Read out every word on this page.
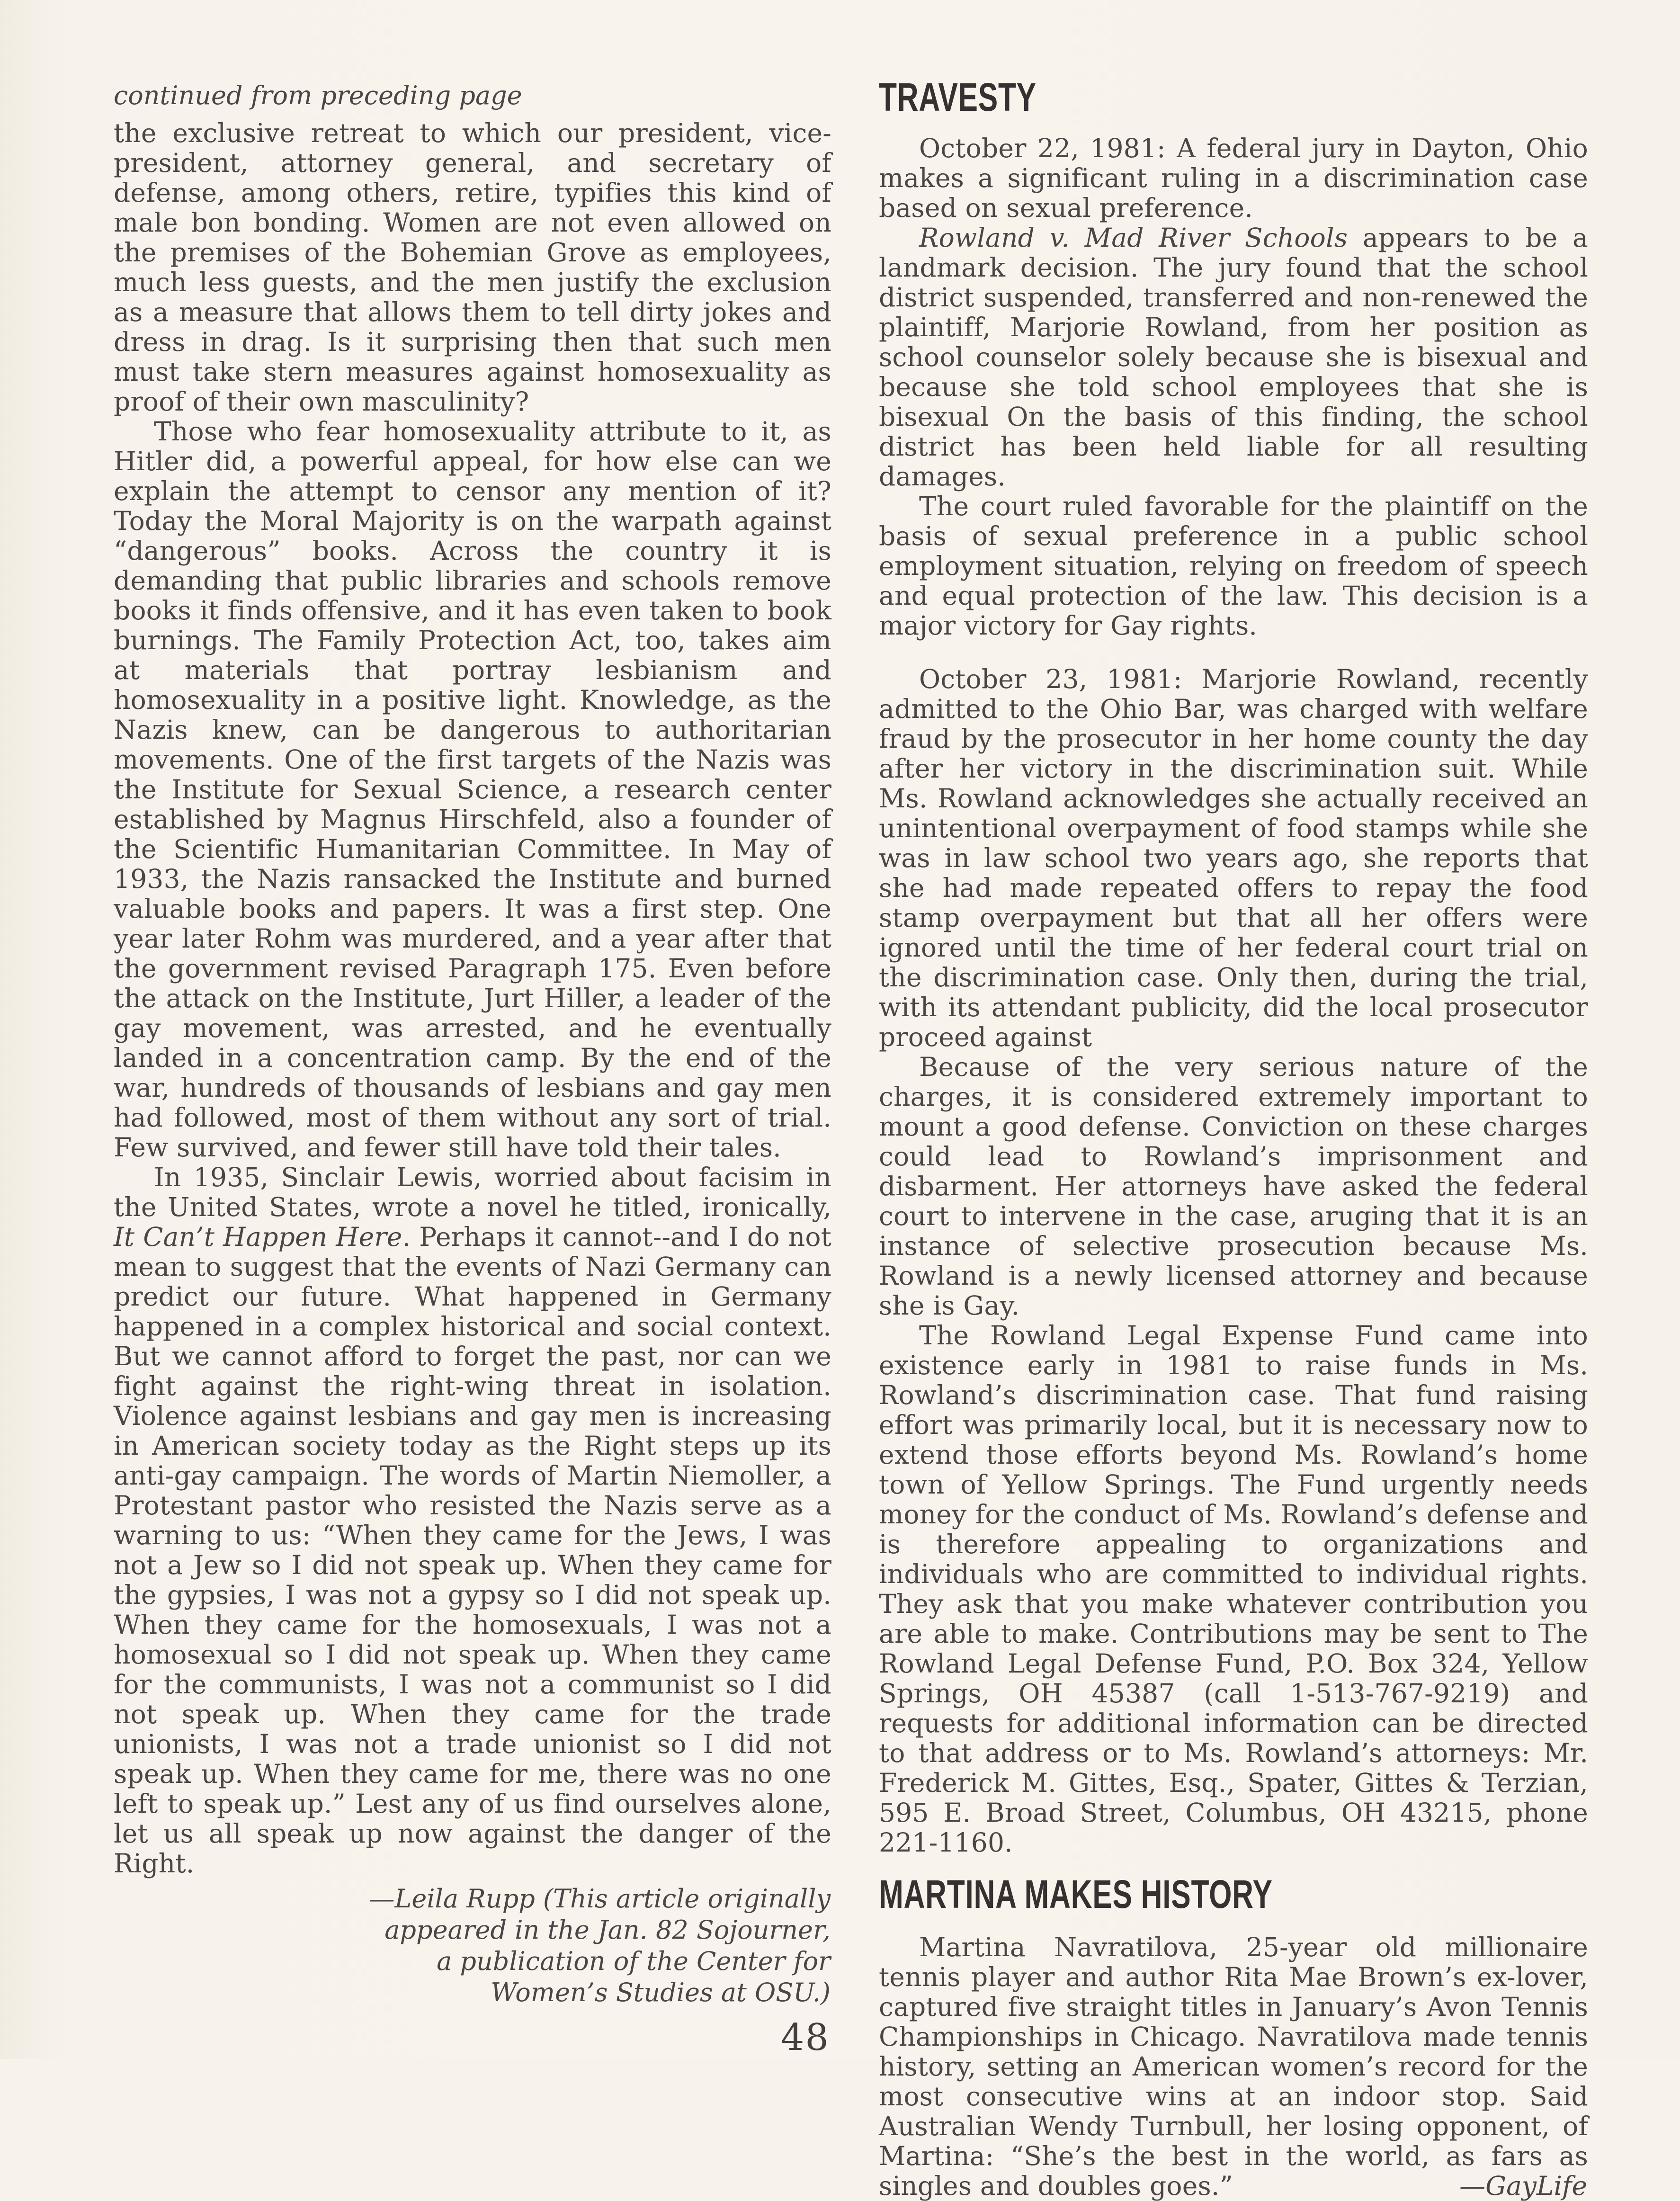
continued from preceding page

the exclusive retreat to which our president, vice-president, attorney general, and secretary of defense, among others, retire, typifies this kind of male bon bonding. Women are not even allowed on the premises of the Bohemian Grove as employees, much less guests, and the men justify the exclusion as a measure that allows them to tell dirty jokes and dress in drag. Is it surprising then that such men must take stern measures against homosexuality as proof of their own masculinity?

Those who fear homosexuality attribute to it, as Hitler did, a powerful appeal, for how else can we explain the attempt to censor any mention of it? Today the Moral Majority is on the warpath against “dangerous” books. Across the country it is demanding that public libraries and schools remove books it finds offensive, and it has even taken to book burnings. The Family Protection Act, too, takes aim at materials that portray lesbianism and homosexuality in a positive light. Knowledge, as the Nazis knew, can be dangerous to authoritarian movements. One of the first targets of the Nazis was the Institute for Sexual Science, a research center established by Magnus Hirschfeld, also a founder of the Scientific Humanitarian Committee. In May of 1933, the Nazis ransacked the Institute and burned valuable books and papers. It was a first step. One year later Rohm was murdered, and a year after that the government revised Paragraph 175. Even before the attack on the Institute, Jurt Hiller, a leader of the gay movement, was arrested, and he eventually landed in a concentration camp. By the end of the war, hundreds of thousands of lesbians and gay men had followed, most of them without any sort of trial. Few survived, and fewer still have told their tales.

In 1935, Sinclair Lewis, worried about facisim in the United States, wrote a novel he titled, ironically, It Can’t Happen Here. Perhaps it cannot--and I do not mean to suggest that the events of Nazi Germany can predict our future. What happened in Germany happened in a complex historical and social context. But we cannot afford to forget the past, nor can we fight against the right-wing threat in isolation. Violence against lesbians and gay men is increasing in American society today as the Right steps up its anti-gay campaign. The words of Martin Niemoller, a Protestant pastor who resisted the Nazis serve as a warning to us: “When they came for the Jews, I was not a Jew so I did not speak up. When they came for the gypsies, I was not a gypsy so I did not speak up. When they came for the homosexuals, I was not a homosexual so I did not speak up. When they came for the communists, I was not a communist so I did not speak up. When they came for the trade unionists, I was not a trade unionist so I did not speak up. When they came for me, there was no one left to speak up.” Lest any of us find ourselves alone, let us all speak up now against the danger of the Right.

—Leila Rupp (This article originally
appeared in the Jan. 82 Sojourner,
a publication of the Center for
Women’s Studies at OSU.)
48
TRAVESTY

October 22, 1981: A federal jury in Dayton, Ohio makes a significant ruling in a discrimination case based on sexual preference.

Rowland v. Mad River Schools appears to be a landmark decision. The jury found that the school district suspended, transferred and non-renewed the plaintiff, Marjorie Rowland, from her position as school counselor solely because she is bisexual and because she told school employees that she is bisexual On the basis of this finding, the school district has been held liable for all resulting damages.

The court ruled favorable for the plaintiff on the basis of sexual preference in a public school employment situation, relying on freedom of speech and equal protection of the law. This decision is a major victory for Gay rights.

October 23, 1981: Marjorie Rowland, recently admitted to the Ohio Bar, was charged with welfare fraud by the prosecutor in her home county the day after her victory in the discrimination suit. While Ms. Rowland acknowledges she actually received an unintentional overpayment of food stamps while she was in law school two years ago, she reports that she had made repeated offers to repay the food stamp overpayment but that all her offers were ignored until the time of her federal court trial on the discrimination case. Only then, during the trial, with its attendant publicity, did the local prosecutor proceed against

Because of the very serious nature of the charges, it is considered extremely important to mount a good defense. Conviction on these charges could lead to Rowland’s imprisonment and disbarment. Her attorneys have asked the federal court to intervene in the case, aruging that it is an instance of selective prosecution because Ms. Rowland is a newly licensed attorney and because she is Gay.

The Rowland Legal Expense Fund came into existence early in 1981 to raise funds in Ms. Rowland’s discrimination case. That fund raising effort was primarily local, but it is necessary now to extend those efforts beyond Ms. Rowland’s home town of Yellow Springs. The Fund urgently needs money for the conduct of Ms. Rowland’s defense and is therefore appealing to organizations and individuals who are committed to individual rights. They ask that you make whatever contribution you are able to make. Contributions may be sent to The Rowland Legal Defense Fund, P.O. Box 324, Yellow Springs, OH 45387 (call 1-513-767-9219) and requests for additional information can be directed to that address or to Ms. Rowland’s attorneys: Mr. Frederick M. Gittes, Esq., Spater, Gittes & Terzian, 595 E. Broad Street, Columbus, OH 43215, phone 221-1160.

MARTINA MAKES HISTORY

Martina Navratilova, 25-year old millionaire tennis player and author Rita Mae Brown’s ex-lover, captured five straight titles in January’s Avon Tennis Championships in Chicago. Navratilova made tennis history, setting an American women’s record for the most consecutive wins at an indoor stop. Said Australian Wendy Turnbull, her losing opponent, of Martina: “She’s the best in the world, as fars as singles and doubles goes.”	—GayLife
